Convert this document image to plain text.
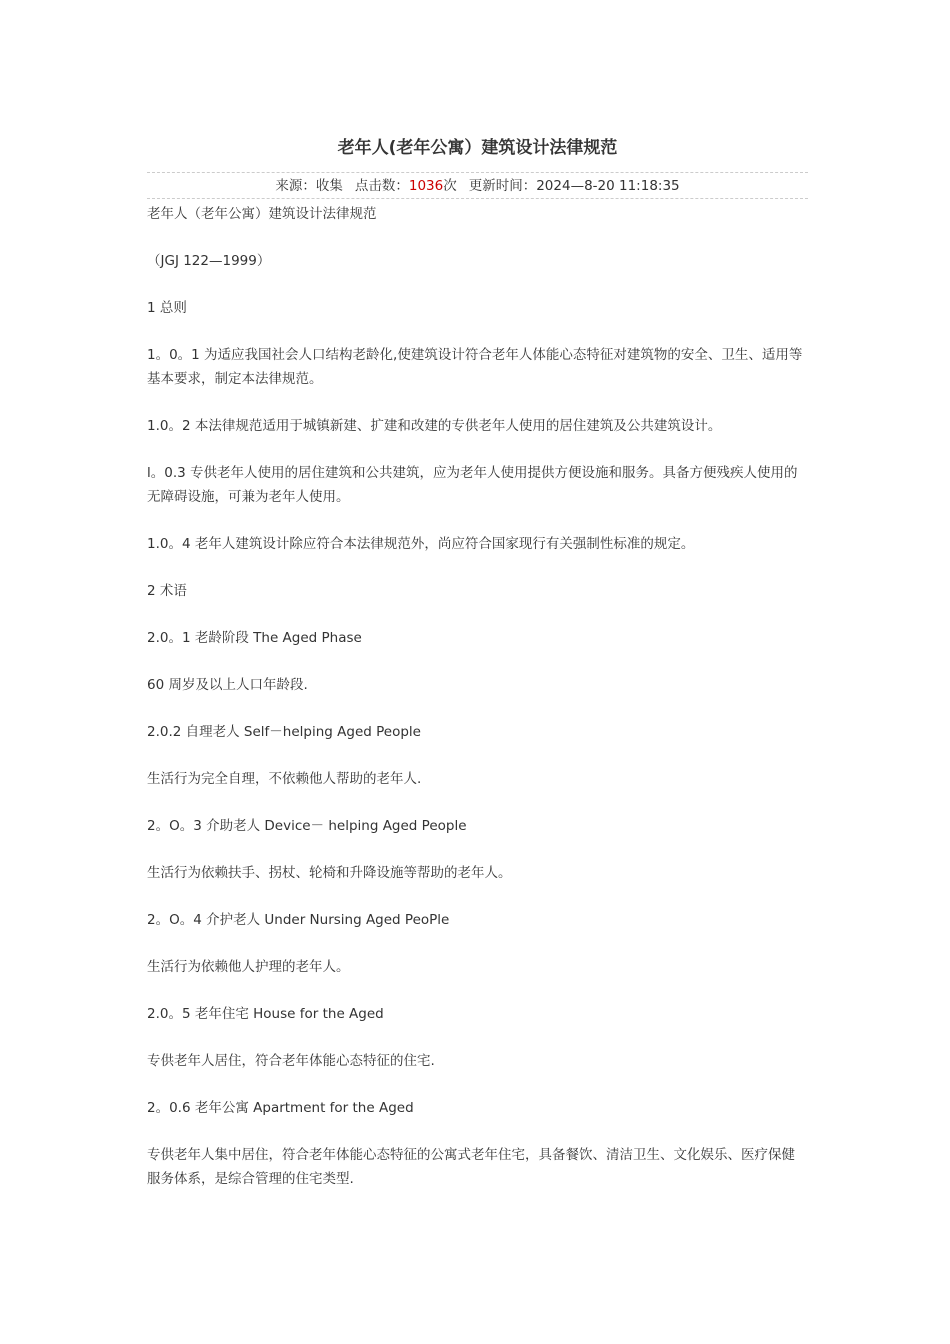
老年人(老年公寓）建筑设计法律规范
来源：收集 点击数：1036次 更新时间：2024—8-20 11:18:35

老年人（老年公寓）建筑设计法律规范

（JGJ 122—1999）

1 总则

1。0。1 为适应我国社会人口结构老龄化,使建筑设计符合老年人体能心态特征对建筑物的安全、卫生、适用等基本要求，制定本法律规范。

1.0。2 本法律规范适用于城镇新建、扩建和改建的专供老年人使用的居住建筑及公共建筑设计。

l。0.3 专供老年人使用的居住建筑和公共建筑，应为老年人使用提供方便设施和服务。具备方便残疾人使用的无障碍设施，可兼为老年人使用。

1.0。4 老年人建筑设计除应符合本法律规范外，尚应符合国家现行有关强制性标准的规定。

2 术语

2.0。1 老龄阶段 The Aged Phase

60 周岁及以上人口年龄段.

2.0.2 自理老人 Self－helping Aged People

生活行为完全自理，不依赖他人帮助的老年人.

2。O。3 介助老人 Device－ helping Aged People

生活行为依赖扶手、拐杖、轮椅和升降设施等帮助的老年人。

2。O。4 介护老人 Under Nursing Aged PeoPle

生活行为依赖他人护理的老年人。

2.0。5 老年住宅 House for the Aged

专供老年人居住，符合老年体能心态特征的住宅.

2。0.6 老年公寓 Apartment for the Aged

专供老年人集中居住，符合老年体能心态特征的公寓式老年住宅，具备餐饮、清洁卫生、文化娱乐、医疗保健服务体系，是综合管理的住宅类型.
